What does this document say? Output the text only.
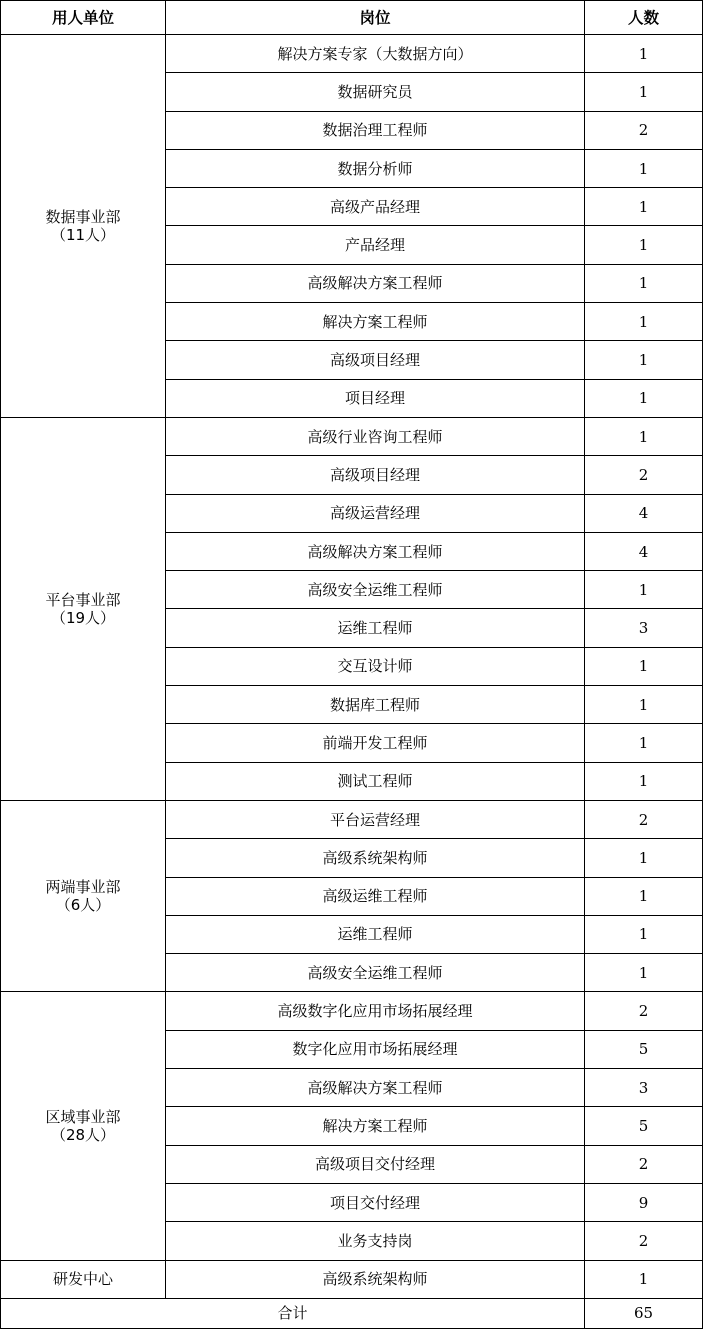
用人单位	岗位	人数

数据事业部
（11人）	解决方案专家（大数据方向）	1
	数据研究员	1
	数据治理工程师	2
	数据分析师	1
	高级产品经理	1
	产品经理	1
	高级解决方案工程师	1
	解决方案工程师	1
	高级项目经理	1
	项目经理	1

平台事业部
（19人）	高级行业咨询工程师	1
	高级项目经理	2
	高级运营经理	4
	高级解决方案工程师	4
	高级安全运维工程师	1
	运维工程师	3
	交互设计师	1
	数据库工程师	1
	前端开发工程师	1
	测试工程师	1

两端事业部
（6人）	平台运营经理	2
	高级系统架构师	1
	高级运维工程师	1
	运维工程师	1
	高级安全运维工程师	1

区域事业部
（28人）	高级数字化应用市场拓展经理	2
	数字化应用市场拓展经理	5
	高级解决方案工程师	3
	解决方案工程师	5
	高级项目交付经理	2
	项目交付经理	9
	业务支持岗	2

研发中心	高级系统架构师	1
合计		65
